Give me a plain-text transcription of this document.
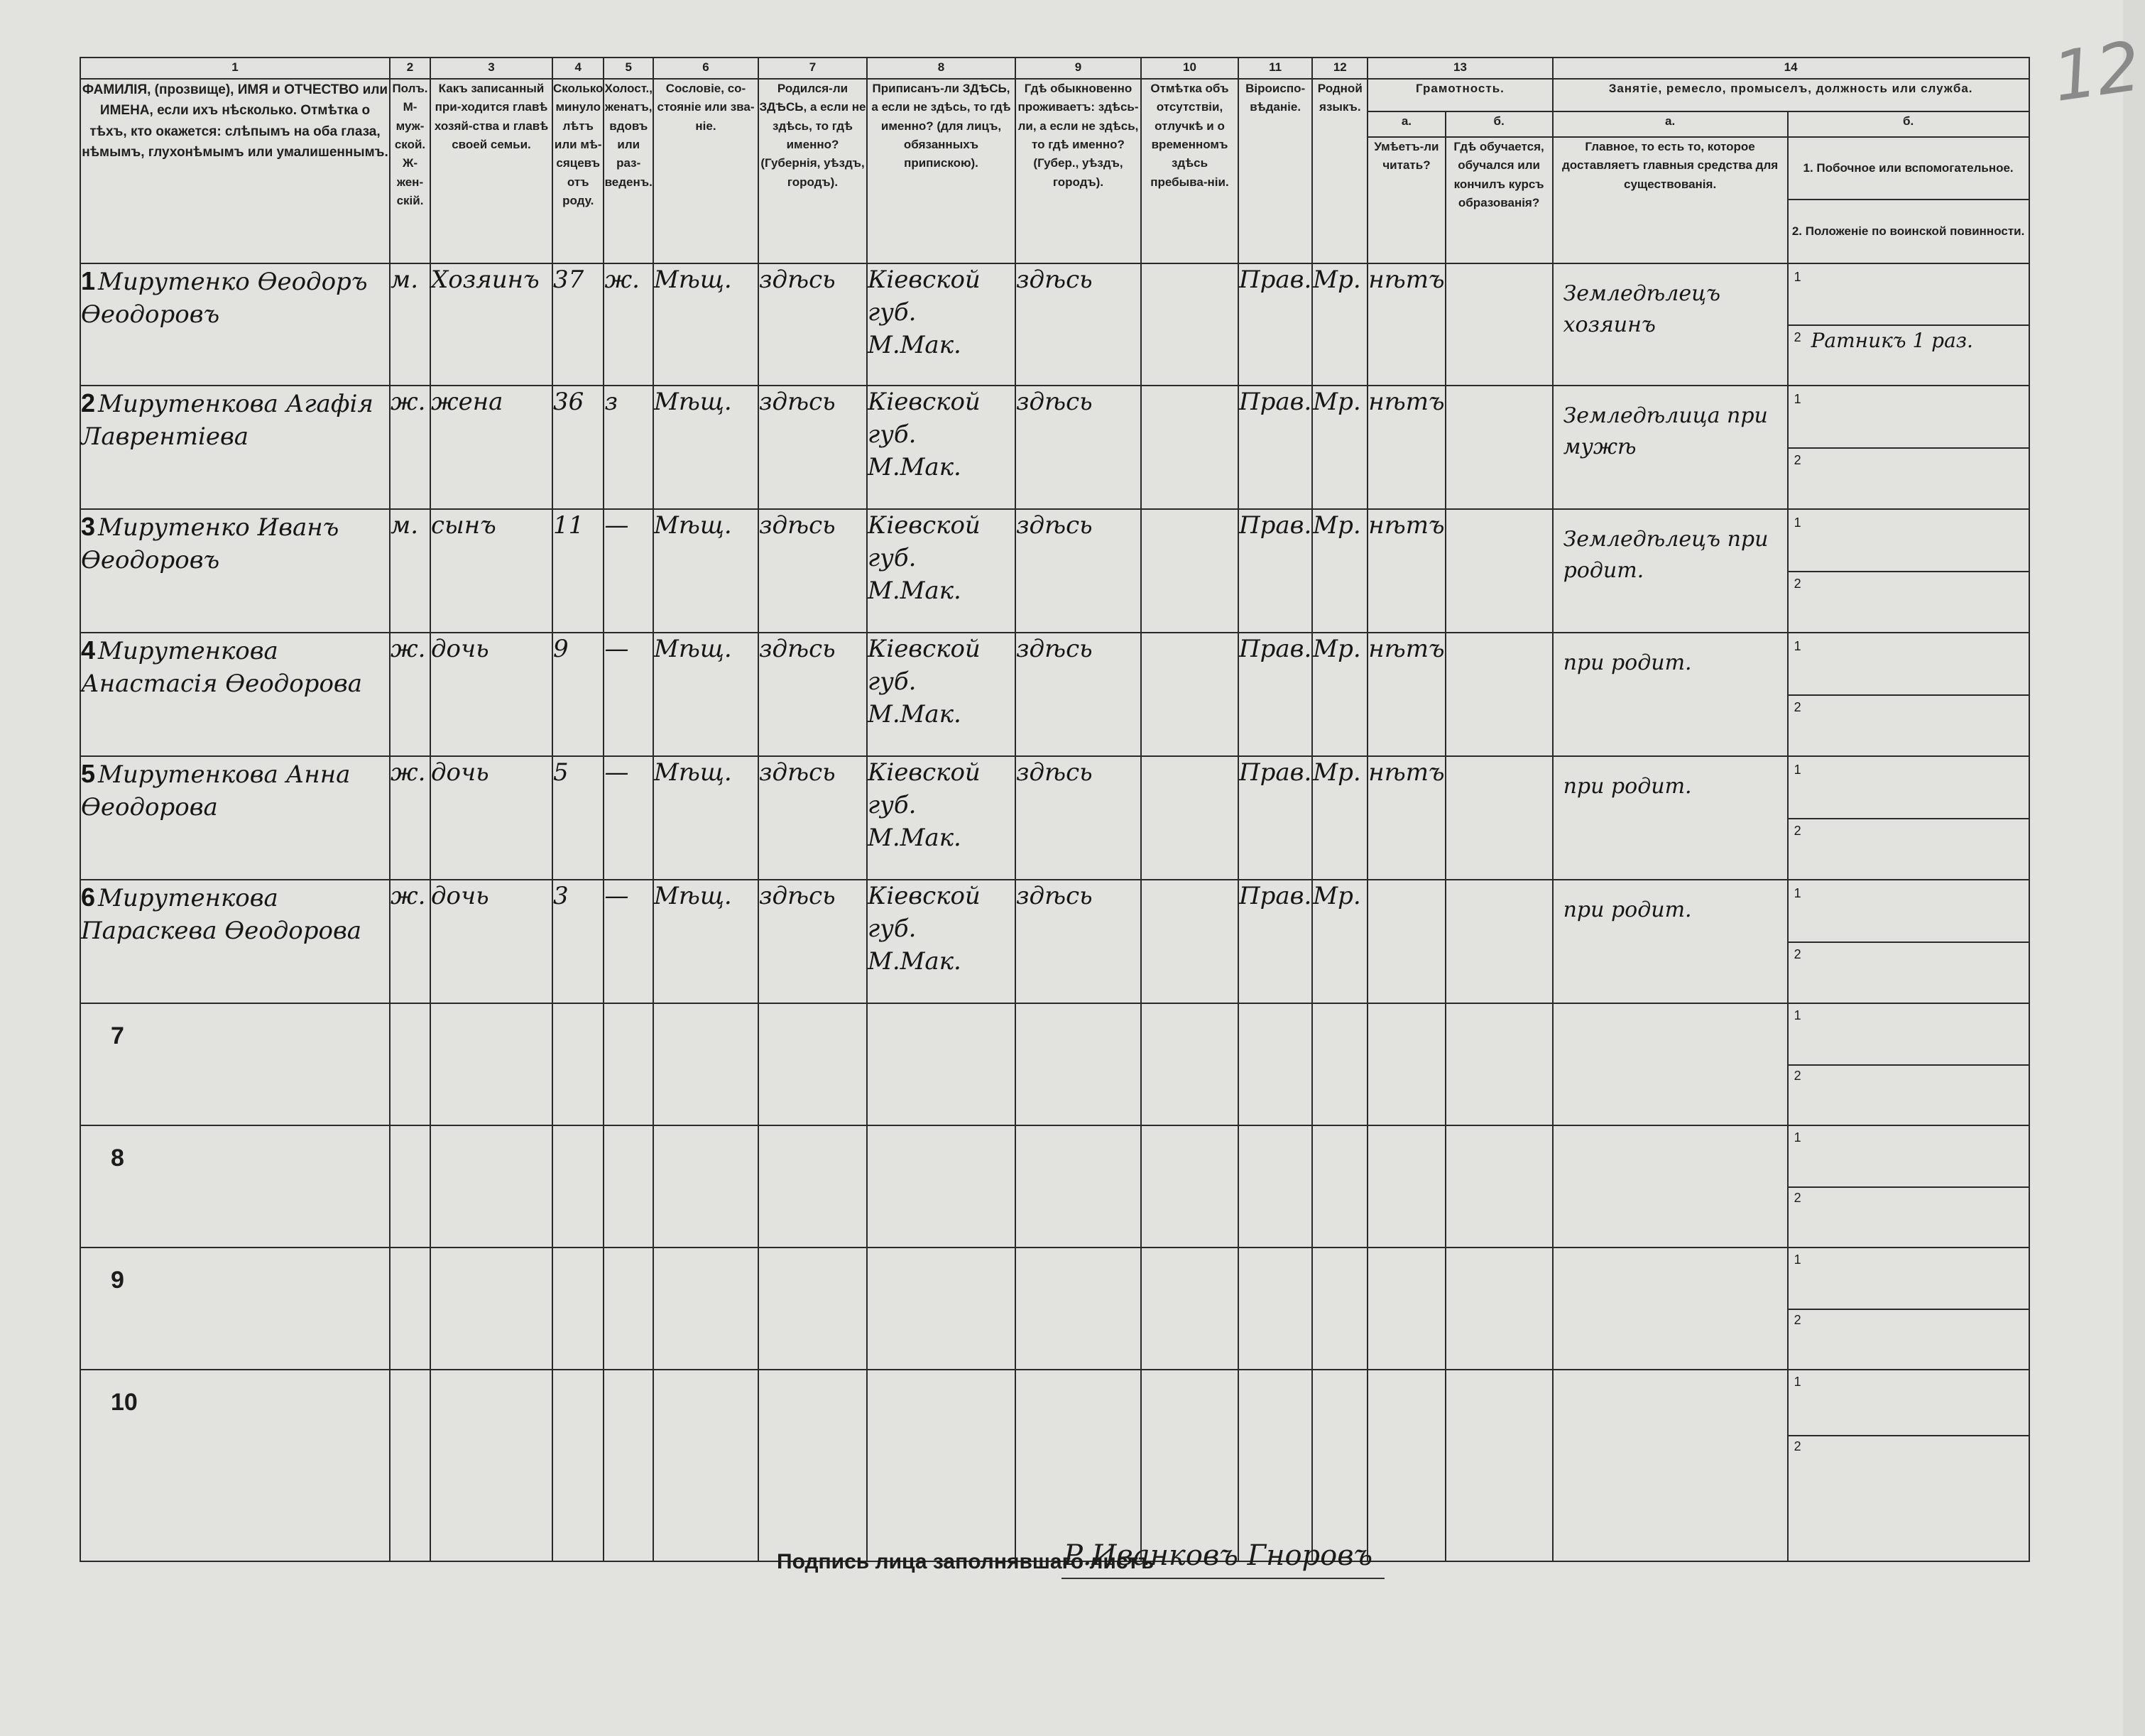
12
1	2	3	4	5	6	7	8	9	10	11	12	13		14	
ФАМИЛІЯ, (прозвище), ИМЯ и ОТЧЕСТВО или ИМЕНА, если ихъ нѣсколько. Отмѣтка о тѣхъ, кто окажется: слѣпымъ на оба глаза, нѣмымъ, глухонѣмымъ или умалишеннымъ.	Полъ. М-муж-ской. Ж-жен-скій.	Какъ записанный при-ходится главѣ хозяй-ства и главѣ своей семьи.	Сколько минуло лѣтъ или мѣ-сяцевъ отъ роду.	Холост., женатъ, вдовъ или раз-веденъ.	Сословіе, со-стояніе или зва-ніе.	Родился-ли ЗДѢСЬ, а если не здѣсь, то гдѣ именно? (Губернія, уѣздъ, городъ).	Приписанъ-ли ЗДѢСЬ, а если не здѣсь, то гдѣ именно? (для лицъ, обязанныхъ припискою).	Гдѣ обыкновенно проживаетъ: здѣсь-ли, а если не здѣсь, то гдѣ именно? (Губер., уѣздъ, городъ).	Отмѣтка объ отсутствіи, отлучкѣ и о временномъ здѣсь пребыва-ніи.	Віроиспо-вѣданіе.	Родной языкъ.	Грамотность.		Занятіе, ремесло, промыселъ, должность или служба.	
												а.	б.	а.	б.
												Умѣетъ-ли читать?	Гдѣ обучается, обучался или кончилъ курсъ образованія?	Главное, то есть то, которое доставляетъ главныя средства для существованія.	1. Побочное или вспомогательное.
2. Положеніе по воинской повинности.

1 Мирутенко Ѳеодоръ Ѳеодоровъ	м.	Хозяинъ	37	ж.	Мѣщ.	здѣсь	Кіевской губ. М.Мак.	здѣсь		Прав.	Мр.	нѣтъ		Земледѣлецъ хозяинъ	1
2 Ратникъ 1 раз.

2 Мирутенкова Агафія Лаврентіева	ж.	жена	36	з	Мѣщ.	здѣсь	Кіевской губ. М.Мак.	здѣсь		Прав.	Мр.	нѣтъ		Земледѣлица при мужѣ	1
2

3 Мирутенко Иванъ Ѳеодоровъ	м.	сынъ	11	—	Мѣщ.	здѣсь	Кіевской губ. М.Мак.	здѣсь		Прав.	Мр.	нѣтъ		Земледѣлецъ при родит.	1
2

4 Мирутенкова Анастасія Ѳеодорова	ж.	дочь	9	—	Мѣщ.	здѣсь	Кіевской губ. М.Мак.	здѣсь		Прав.	Мр.	нѣтъ		при родит.	1
2

5 Мирутенкова Анна Ѳеодорова	ж.	дочь	5	—	Мѣщ.	здѣсь	Кіевской губ. М.Мак.	здѣсь		Прав.	Мр.	нѣтъ		при родит.	1
2

6 Мирутенкова Параскева Ѳеодорова	ж.	дочь	3	—	Мѣщ.	здѣсь	Кіевской губ. М.Мак.	здѣсь		Прав.	Мр.			при родит.	1
2

7															1
2

8															1
2

9															1
2

10															1
2
Подпись лица заполнявшаго листъ
Р.Иванковъ Гноровъ
